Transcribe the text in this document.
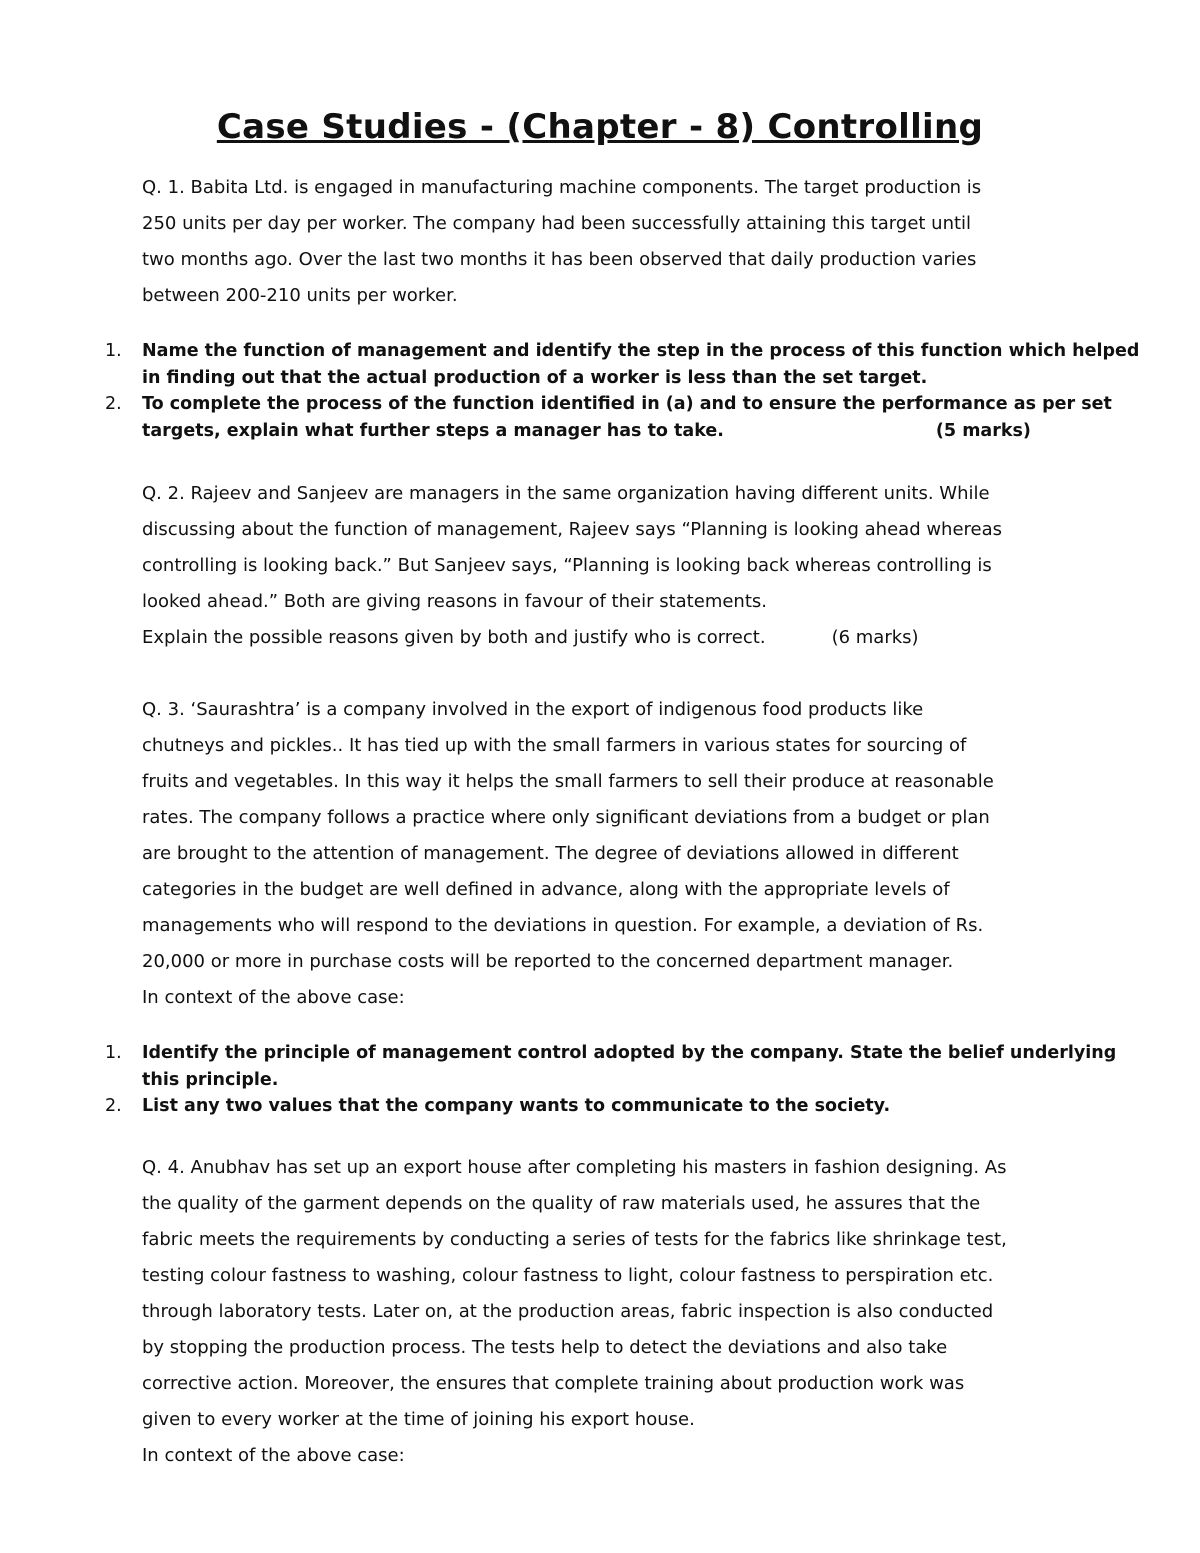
Case Studies - (Chapter - 8) Controlling
Q. 1. Babita Ltd. is engaged in manufacturing machine components. The target production is
250 units per day per worker. The company had been successfully attaining this target until
two months ago. Over the last two months it has been observed that daily production varies
between 200-210 units per worker.
1. Name the function of management and identify the step in the process of this function which helped
in finding out that the actual production of a worker is less than the set target.
2. To complete the process of the function identified in (a) and to ensure the performance as per set
targets, explain what further steps a manager has to take.	(5 marks)
Q. 2. Rajeev and Sanjeev are managers in the same organization having different units. While
discussing about the function of management, Rajeev says “Planning is looking ahead whereas
controlling is looking back.” But Sanjeev says, “Planning is looking back whereas controlling is
looked ahead.” Both are giving reasons in favour of their statements.
Explain the possible reasons given by both and justify who is correct.	(6 marks)
Q. 3. ‘Saurashtra’ is a company involved in the export of indigenous food products like
chutneys and pickles.. It has tied up with the small farmers in various states for sourcing of
fruits and vegetables. In this way it helps the small farmers to sell their produce at reasonable
rates. The company follows a practice where only significant deviations from a budget or plan
are brought to the attention of management. The degree of deviations allowed in different
categories in the budget are well defined in advance, along with the appropriate levels of
managements who will respond to the deviations in question. For example, a deviation of Rs.
20,000 or more in purchase costs will be reported to the concerned department manager.
In context of the above case:
1. Identify the principle of management control adopted by the company. State the belief underlying
this principle.
2. List any two values that the company wants to communicate to the society.
Q. 4. Anubhav has set up an export house after completing his masters in fashion designing. As
the quality of the garment depends on the quality of raw materials used, he assures that the
fabric meets the requirements by conducting a series of tests for the fabrics like shrinkage test,
testing colour fastness to washing, colour fastness to light, colour fastness to perspiration etc.
through laboratory tests. Later on, at the production areas, fabric inspection is also conducted
by stopping the production process. The tests help to detect the deviations and also take
corrective action. Moreover, the ensures that complete training about production work was
given to every worker at the time of joining his export house.
In context of the above case:
